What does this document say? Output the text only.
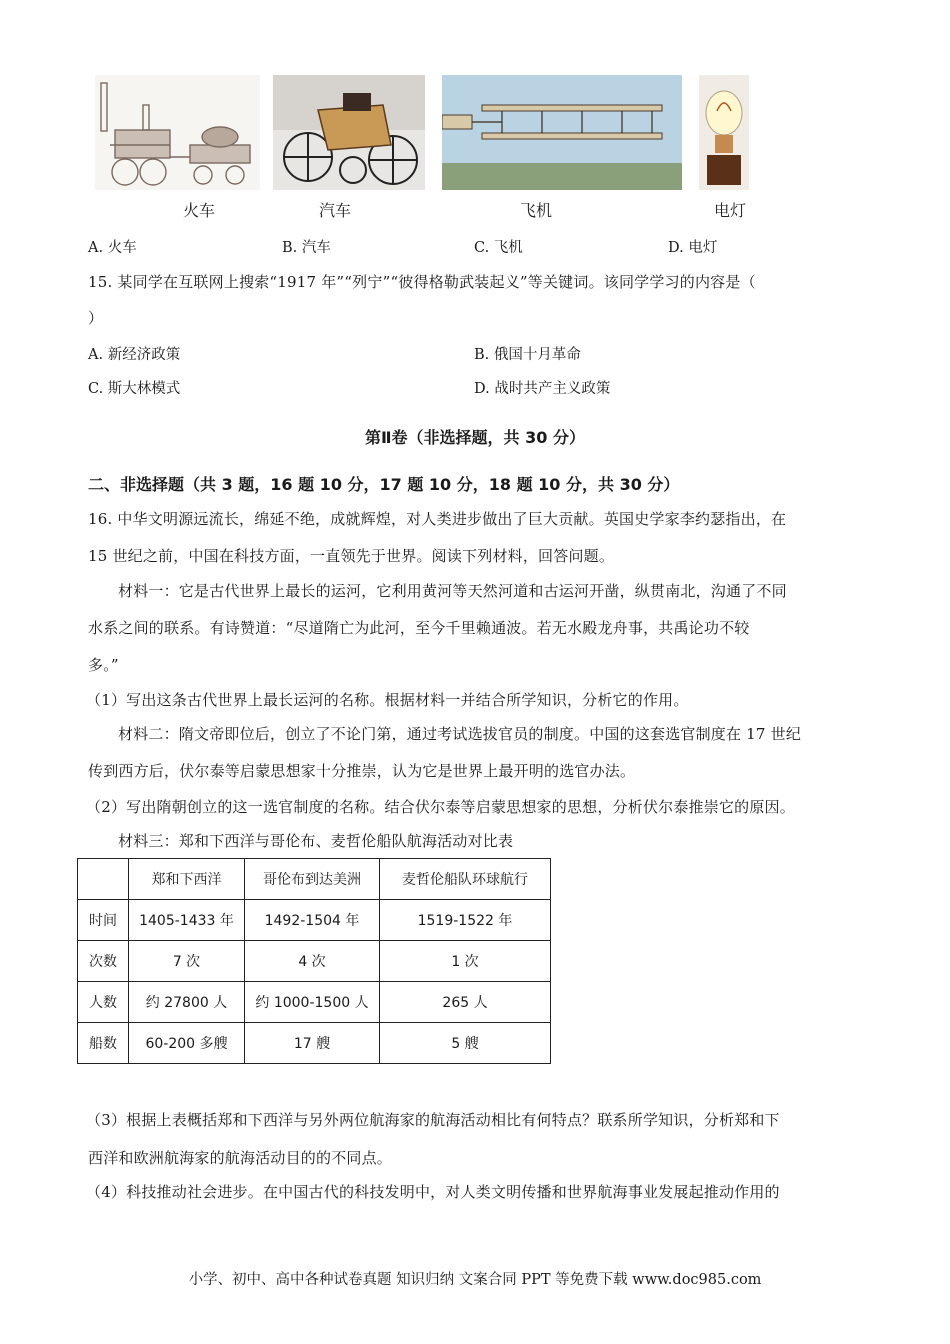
火车	汽车	飞机	电灯
A. 火车	B. 汽车	C. 飞机	D. 电灯
15. 某同学在互联网上搜索“1917 年”“列宁”“彼得格勒武装起义”等关键词。该同学学习的内容是（
）
A. 新经济政策	B. 俄国十月革命
C. 斯大林模式	D. 战时共产主义政策
第Ⅱ卷（非选择题，共 30 分）
二、非选择题（共 3 题，16 题 10 分，17 题 10 分，18 题 10 分，共 30 分）
16. 中华文明源远流长，绵延不绝，成就辉煌，对人类进步做出了巨大贡献。英国史学家李约瑟指出，在
15 世纪之前，中国在科技方面，一直领先于世界。阅读下列材料，回答问题。
材料一：它是古代世界上最长的运河，它利用黄河等天然河道和古运河开凿，纵贯南北，沟通了不同
水系之间的联系。有诗赞道：“尽道隋亡为此河，至今千里赖通波。若无水殿龙舟事，共禹论功不较
多。”
（1）写出这条古代世界上最长运河的名称。根据材料一并结合所学知识，分析它的作用。
材料二：隋文帝即位后，创立了不论门第，通过考试选拔官员的制度。中国的这套选官制度在 17 世纪
传到西方后，伏尔泰等启蒙思想家十分推崇，认为它是世界上最开明的选官办法。
（2）写出隋朝创立的这一选官制度的名称。结合伏尔泰等启蒙思想家的思想，分析伏尔泰推崇它的原因。
材料三：郑和下西洋与哥伦布、麦哲伦船队航海活动对比表
	郑和下西洋	哥伦布到达美洲	麦哲伦船队环球航行
时间	1405-1433 年	1492-1504 年	1519-1522 年
次数	7 次	4 次	1 次
人数	约 27800 人	约 1000-1500 人	265 人
船数	60-200 多艘	17 艘	5 艘
（3）根据上表概括郑和下西洋与另外两位航海家的航海活动相比有何特点？联系所学知识，分析郑和下
西洋和欧洲航海家的航海活动目的的不同点。
（4）科技推动社会进步。在中国古代的科技发明中，对人类文明传播和世界航海事业发展起推动作用的
小学、初中、高中各种试卷真题 知识归纳 文案合同 PPT 等免费下载 www.doc985.com
